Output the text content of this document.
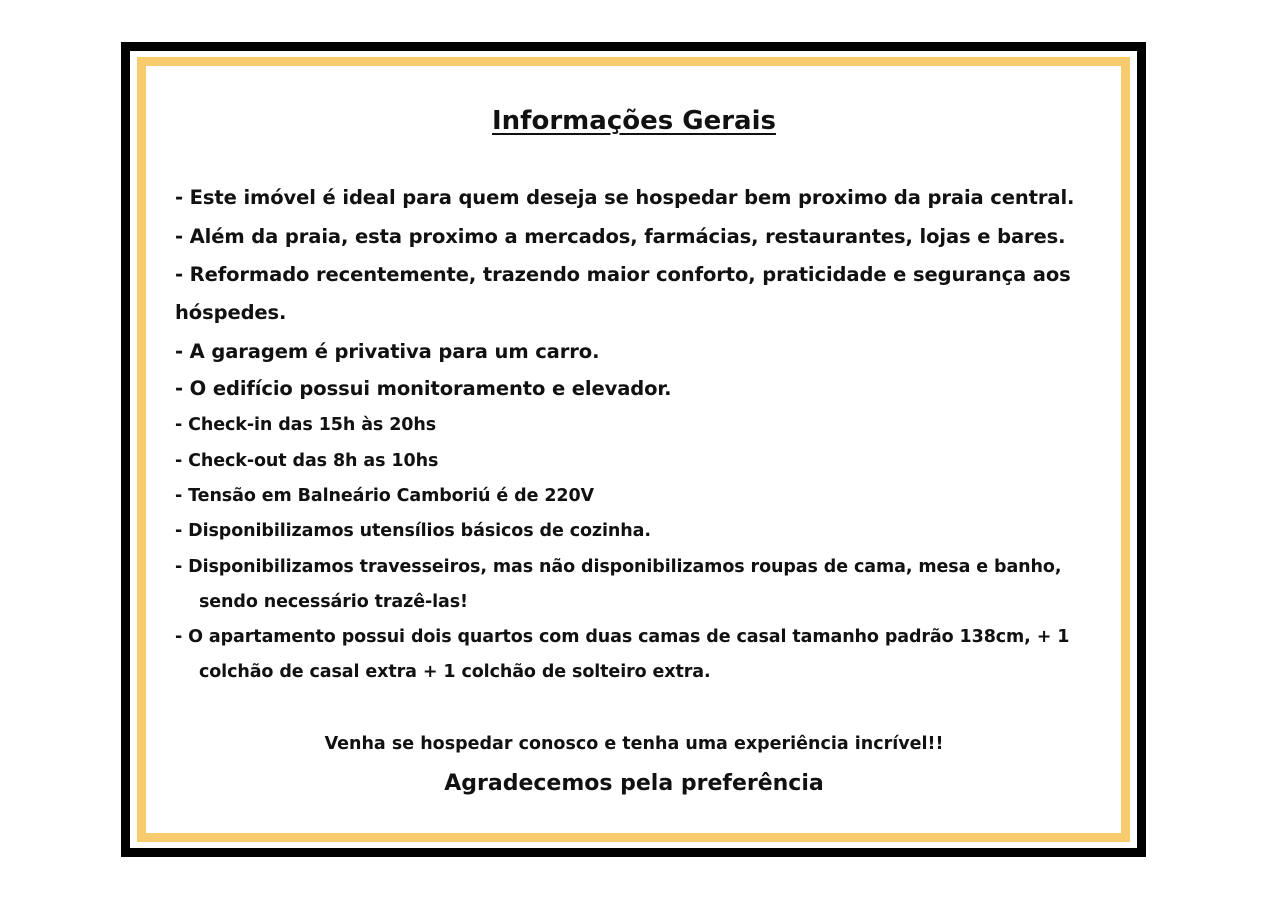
Informações Gerais
- Este imóvel é ideal para quem deseja se hospedar bem proximo da praia central.
- Além da praia, esta proximo a mercados, farmácias, restaurantes, lojas e bares.
- Reformado recentemente, trazendo maior conforto, praticidade e segurança aos
hóspedes.
- A garagem é privativa para um carro.
- O edifício possui monitoramento e elevador.
- Check-in das 15h às 20hs
- Check-out das 8h as 10hs
- Tensão em Balneário Camboriú é de 220V
- Disponibilizamos utensílios básicos de cozinha.
- Disponibilizamos travesseiros, mas não disponibilizamos roupas de cama, mesa e banho,
sendo necessário trazê-las!
- O apartamento possui dois quartos com duas camas de casal tamanho padrão 138cm, + 1
colchão de casal extra + 1 colchão de solteiro extra.
Venha se hospedar conosco e tenha uma experiência incrível!!
Agradecemos pela preferência
